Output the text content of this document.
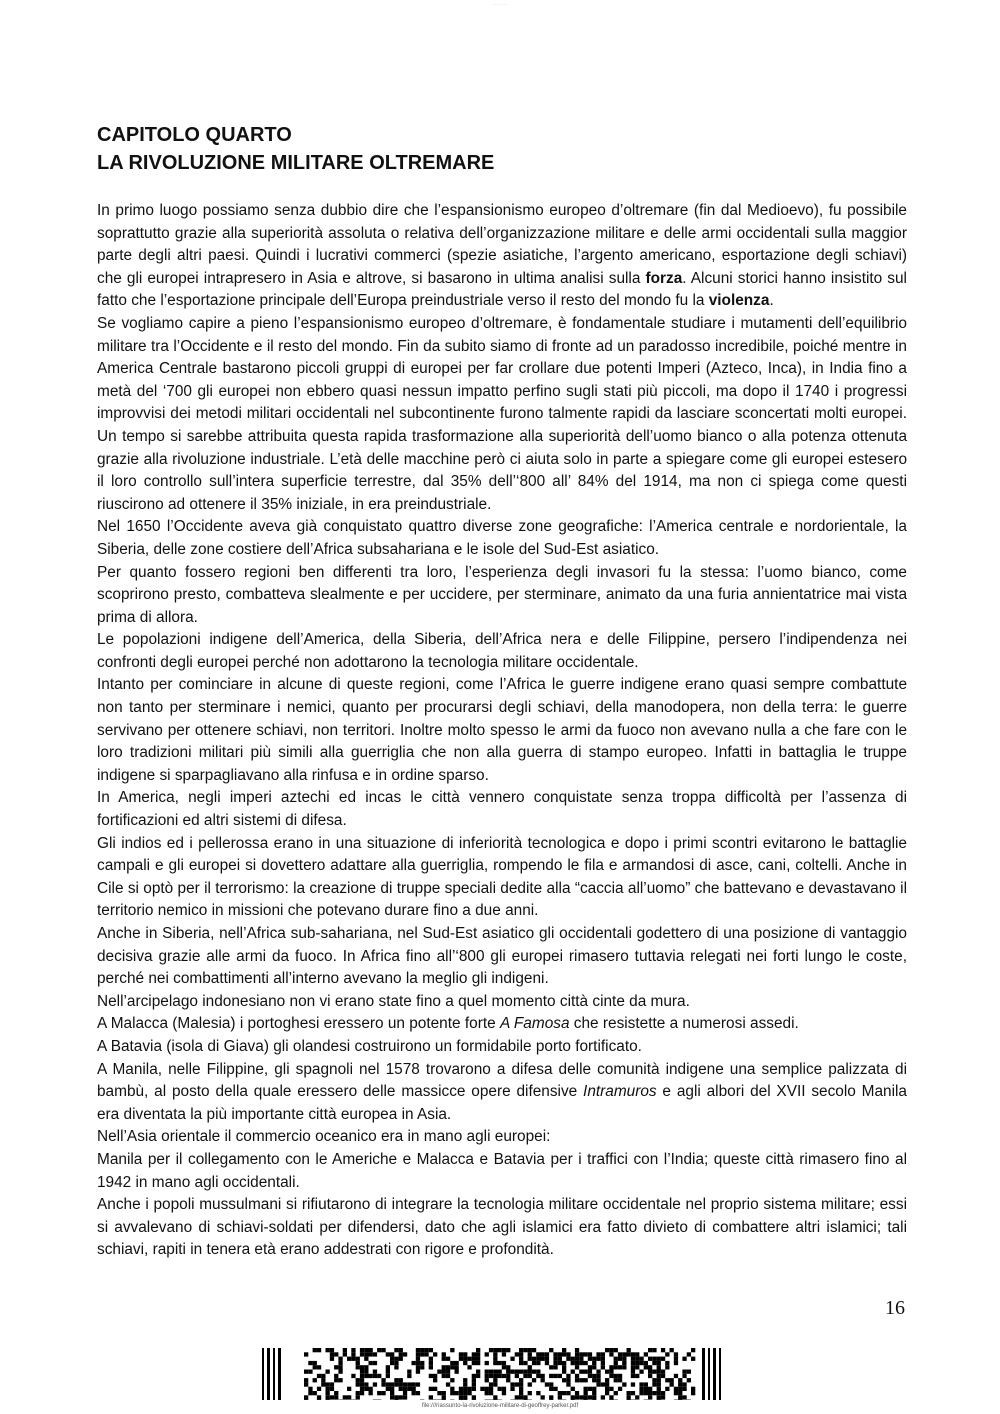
··· ·····
CAPITOLO QUARTO
LA RIVOLUZIONE MILITARE OLTREMARE

In primo luogo possiamo senza dubbio dire che l’espansionismo europeo d’oltremare (fin dal Medioevo), fu possibile soprattutto grazie alla superiorità assoluta o relativa dell’organizzazione militare e delle armi occidentali sulla maggior parte degli altri paesi. Quindi i lucrativi commerci (spezie asiatiche, l’argento americano, esportazione degli schiavi) che gli europei intrapresero in Asia e altrove, si basarono in ultima analisi sulla forza. Alcuni storici hanno insistito sul fatto che l’esportazione principale dell’Europa preindustriale verso il resto del mondo fu la violenza.

Se vogliamo capire a pieno l’espansionismo europeo d’oltremare, è fondamentale studiare i mutamenti dell’equilibrio militare tra l’Occidente e il resto del mondo. Fin da subito siamo di fronte ad un paradosso incredibile, poiché mentre in America Centrale bastarono piccoli gruppi di europei per far crollare due potenti Imperi (Azteco, Inca), in India fino a metà del ‘700 gli europei non ebbero quasi nessun impatto perfino sugli stati più piccoli, ma dopo il 1740 i progressi improvvisi dei metodi militari occidentali nel subcontinente furono talmente rapidi da lasciare sconcertati molti europei. Un tempo si sarebbe attribuita questa rapida trasformazione alla superiorità dell’uomo bianco o alla potenza ottenuta grazie alla rivoluzione industriale. L’età delle macchine però ci aiuta solo in parte a spiegare come gli europei estesero il loro controllo sull’intera superficie terrestre, dal 35% dell’‘800 all’ 84% del 1914, ma non ci spiega come questi riuscirono ad ottenere il 35% iniziale, in era preindustriale.

Nel 1650 l’Occidente aveva già conquistato quattro diverse zone geografiche: l’America centrale e nordorientale, la Siberia, delle zone costiere dell’Africa subsahariana e le isole del Sud-Est asiatico.

Per quanto fossero regioni ben differenti tra loro, l’esperienza degli invasori fu la stessa: l’uomo bianco, come scoprirono presto, combatteva slealmente e per uccidere, per sterminare, animato da una furia annientatrice mai vista prima di allora.

Le popolazioni indigene dell’America, della Siberia, dell’Africa nera e delle Filippine, persero l’indipendenza nei confronti degli europei perché non adottarono la tecnologia militare occidentale.

Intanto per cominciare in alcune di queste regioni, come l’Africa le guerre indigene erano quasi sempre combattute non tanto per sterminare i nemici, quanto per procurarsi degli schiavi, della manodopera, non della terra: le guerre servivano per ottenere schiavi, non territori. Inoltre molto spesso le armi da fuoco non avevano nulla a che fare con le loro tradizioni militari più simili alla guerriglia che non alla guerra di stampo europeo. Infatti in battaglia le truppe indigene si sparpagliavano alla rinfusa e in ordine sparso.

In America, negli imperi aztechi ed incas le città vennero conquistate senza troppa difficoltà per l’assenza di fortificazioni ed altri sistemi di difesa.

Gli indios ed i pellerossa erano in una situazione di inferiorità tecnologica e dopo i primi scontri evitarono le battaglie campali e gli europei si dovettero adattare alla guerriglia, rompendo le fila e armandosi di asce, cani, coltelli. Anche in Cile si optò per il terrorismo: la creazione di truppe speciali dedite alla “caccia all’uomo” che battevano e devastavano il territorio nemico in missioni che potevano durare fino a due anni.

Anche in Siberia, nell’Africa sub-sahariana, nel Sud-Est asiatico gli occidentali godettero di una posizione di vantaggio decisiva grazie alle armi da fuoco. In Africa fino all’‘800 gli europei rimasero tuttavia relegati nei forti lungo le coste, perché nei combattimenti all’interno avevano la meglio gli indigeni.

Nell’arcipelago indonesiano non vi erano state fino a quel momento città cinte da mura.

A Malacca (Malesia) i portoghesi eressero un potente forte A Famosa che resistette a numerosi assedi.

A Batavia (isola di Giava) gli olandesi costruirono un formidabile porto fortificato.

A Manila, nelle Filippine, gli spagnoli nel 1578 trovarono a difesa delle comunità indigene una semplice palizzata di bambù, al posto della quale eressero delle massicce opere difensive Intramuros e agli albori del XVII secolo Manila era diventata la più importante città europea in Asia.

Nell’Asia orientale il commercio oceanico era in mano agli europei:

Manila per il collegamento con le Americhe e Malacca e Batavia per i traffici con l’India; queste città rimasero fino al 1942 in mano agli occidentali.

Anche i popoli mussulmani si rifiutarono di integrare la tecnologia militare occidentale nel proprio sistema militare; essi si avvalevano di schiavi-soldati per difendersi, dato che agli islamici era fatto divieto di combattere altri islamici; tali schiavi, rapiti in tenera età erano addestrati con rigore e profondità.

16
file:///riassunto-la-rivoluzione-militare-di-geoffrey-parker.pdf
